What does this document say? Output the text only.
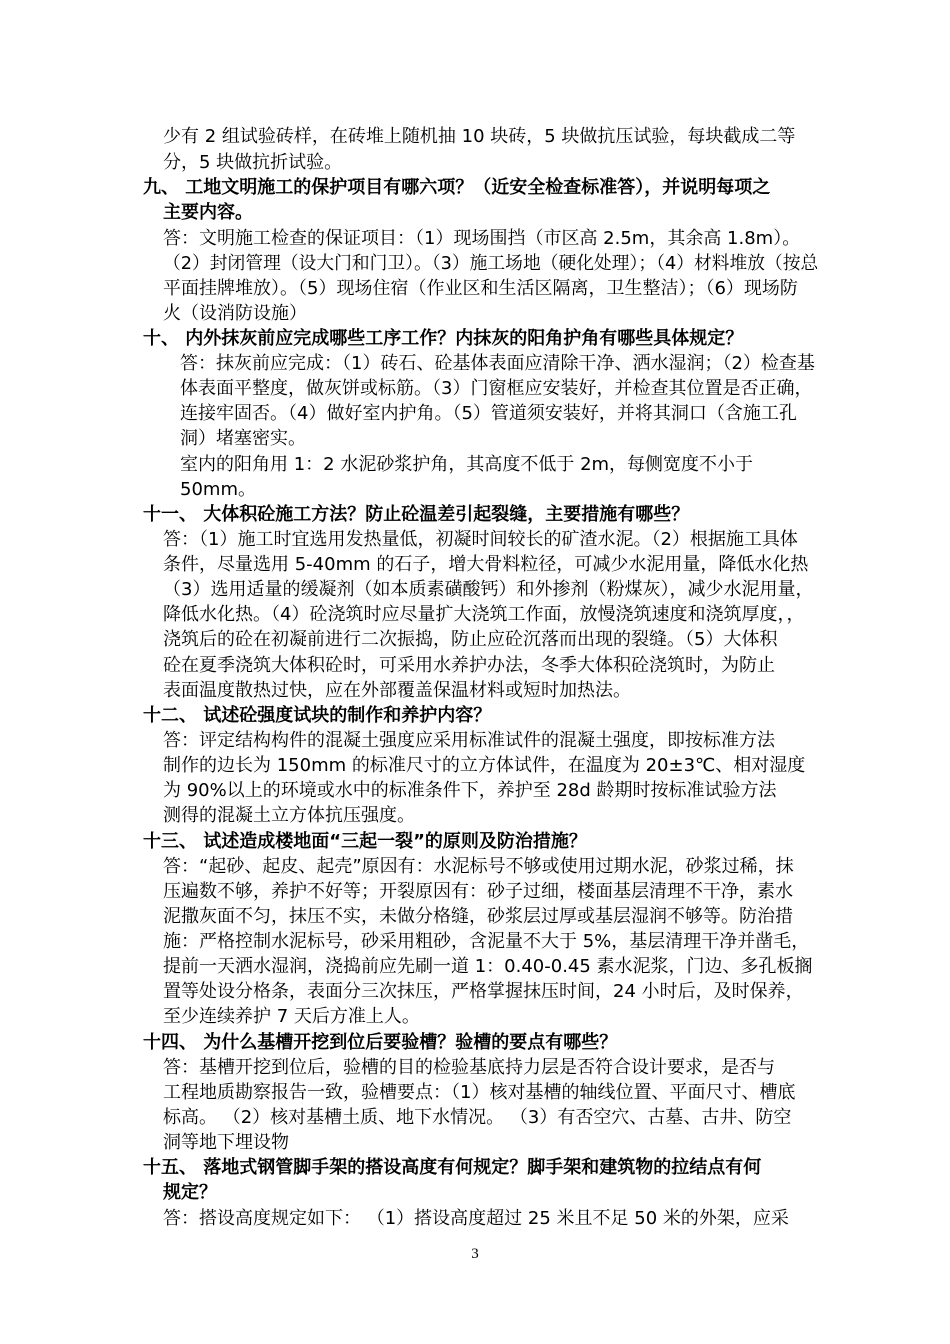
少有 2 组试验砖样，在砖堆上随机抽 10 块砖，5 块做抗压试验，每块截成二等
分，5 块做抗折试验。
九、 工地文明施工的保护项目有哪六项？（近安全检查标准答），并说明每项之
主要内容。
答：文明施工检查的保证项目：（1）现场围挡（市区高 2.5m，其余高 1.8m）。
（2）封闭管理（设大门和门卫）。（3）施工场地（硬化处理）；（4）材料堆放（按总
平面挂牌堆放）。（5）现场住宿（作业区和生活区隔离，卫生整洁）；（6）现场防
火（设消防设施）
十、 内外抹灰前应完成哪些工序工作？内抹灰的阳角护角有哪些具体规定？
答：抹灰前应完成：（1）砖石、砼基体表面应清除干净、洒水湿润；（2）检查基
体表面平整度，做灰饼或标筋。（3）门窗框应安装好，并检查其位置是否正确，
连接牢固否。（4）做好室内护角。（5）管道须安装好，并将其洞口（含施工孔
洞）堵塞密实。
室内的阳角用 1：2 水泥砂浆护角，其高度不低于 2m，每侧宽度不小于
50mm。
十一、 大体积砼施工方法？防止砼温差引起裂缝，主要措施有哪些？
答：（1）施工时宜选用发热量低，初凝时间较长的矿渣水泥。（2）根据施工具体
条件，尽量选用 5-40mm 的石子，增大骨料粒径，可减少水泥用量，降低水化热
（3）选用适量的缓凝剂（如本质素磺酸钙）和外掺剂（粉煤灰），减少水泥用量，
降低水化热。（4）砼浇筑时应尽量扩大浇筑工作面，放慢浇筑速度和浇筑厚度，，
浇筑后的砼在初凝前进行二次振捣，防止应砼沉落而出现的裂缝。（5）大体积
砼在夏季浇筑大体积砼时，可采用水养护办法，冬季大体积砼浇筑时，为防止
表面温度散热过快，应在外部覆盖保温材料或短时加热法。
十二、 试述砼强度试块的制作和养护内容？
答：评定结构构件的混凝土强度应采用标准试件的混凝土强度，即按标准方法
制作的边长为 150mm 的标准尺寸的立方体试件，在温度为 20±3℃、相对湿度
为 90%以上的环境或水中的标准条件下，养护至 28d 龄期时按标准试验方法
测得的混凝土立方体抗压强度。
十三、 试述造成楼地面“三起一裂”的原则及防治措施？
答：“起砂、起皮、起壳”原因有：水泥标号不够或使用过期水泥，砂浆过稀，抹
压遍数不够，养护不好等；开裂原因有：砂子过细，楼面基层清理不干净，素水
泥撒灰面不匀，抹压不实，未做分格缝，砂浆层过厚或基层湿润不够等。防治措
施：严格控制水泥标号，砂采用粗砂，含泥量不大于 5%，基层清理干净并凿毛，
提前一天洒水湿润，浇捣前应先刷一道 1：0.40-0.45 素水泥浆，门边、多孔板搁
置等处设分格条，表面分三次抹压，严格掌握抹压时间，24 小时后，及时保养，
至少连续养护 7 天后方准上人。
十四、 为什么基槽开挖到位后要验槽？验槽的要点有哪些？
答：基槽开挖到位后，验槽的目的检验基底持力层是否符合设计要求，是否与
工程地质勘察报告一致，验槽要点：（1）核对基槽的轴线位置、平面尺寸、槽底
标高。 （2）核对基槽土质、地下水情况。 （3）有否空穴、古墓、古井、防空
洞等地下埋设物
十五、 落地式钢管脚手架的搭设高度有何规定？脚手架和建筑物的拉结点有何
规定？
答：搭设高度规定如下： （1）搭设高度超过 25 米且不足 50 米的外架，应采
3
